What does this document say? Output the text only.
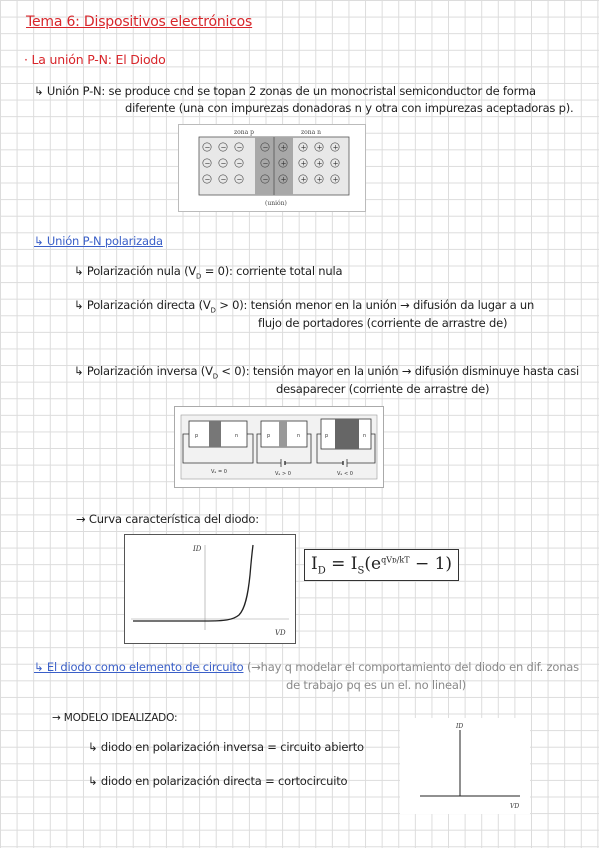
Tema 6: Dispositivos electrónicos
· La unión P-N: El Diodo
↳ Unión P-N: se produce cnd se topan 2 zonas de un monocristal semiconductor de forma
diferente (una con impurezas donadoras n y otra con impurezas aceptadoras p).
zona p	zona n
− − −	−
− − −	−
− − −	−
+ + + +
+ + + +
+ + + +
(unión)
↳ Unión P-N polarizada
↳ Polarización nula $(V_D = 0)$: corriente total nula
↳ Polarización directa $(V_D > 0)$: tensión menor en la unión → difusión da lugar a un
flujo de portadores (corriente de arrastre de)
↳ Polarización inversa $(V_D < 0)$: tensión mayor en la unión → difusión disminuye hasta casi
desaparecer (corriente de arrastre de)
p	n
Vₐ = 0
p	n
Vₐ > 0
p	n
Vₐ < 0
→ Curva característica del diodo:
ID
VD
$I_D = I_S(e^{qVᴅ/kT} - 1)$
↳ El diodo como elemento de circuito (→hay q modelar el comportamiento del diodo en dif. zonas
de trabajo pq es un el. no lineal)
→ MODELO IDEALIZADO:
↳ diodo en polarización inversa = circuito abierto
↳ diodo en polarización directa = cortocircuito
ID
VD
